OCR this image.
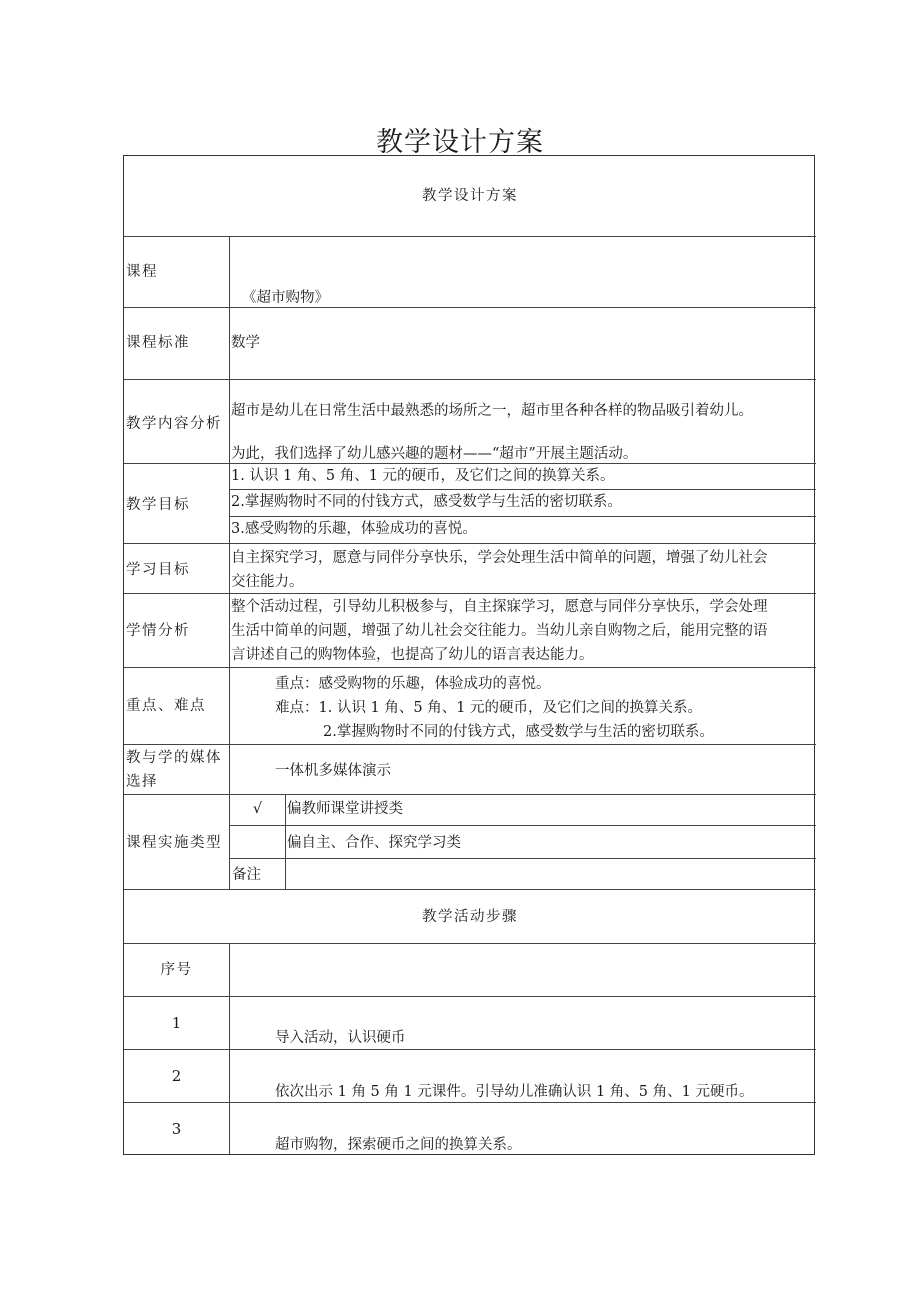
教学设计方案
教学设计方案
课程
《超市购物》
课程标准	数学
教学内容分析
超市是幼儿在日常生活中最熟悉的场所之一，超市里各种各样的物品吸引着幼儿。
为此，我们选择了幼儿感兴趣的题材——“超市”开展主题活动。
教学目标
1. 认识 1 角、5 角、1 元的硬币，及它们之间的换算关系。
2.掌握购物时不同的付钱方式，感受数学与生活的密切联系。
3.感受购物的乐趣，体验成功的喜悦。
学习目标
自主探究学习，愿意与同伴分享快乐，学会处理生活中简单的问题，增强了幼儿社会
交往能力。
学情分析
整个活动过程，引导幼儿积极参与，自主探寐学习，愿意与同伴分享快乐，学会处理
生活中简单的问题，增强了幼儿社会交往能力。当幼儿亲自购物之后，能用完整的语
言讲述自己的购物体验，也提高了幼儿的语言表达能力。
重点、难点
重点：感受购物的乐趣，体验成功的喜悦。
难点：1. 认识 1 角、5 角、1 元的硬币，及它们之间的换算关系。
2.掌握购物时不同的付钱方式，感受数学与生活的密切联系。
教与学的媒体
选择
一体机多媒体演示
课程实施类型
√	偏教师课堂讲授类
偏自主、合作、探究学习类
备注
教学活动步骤
序号
1
导入活动，认识硬币
2
依次出示 1 角 5 角 1 元课件。引导幼儿准确认识 1 角、5 角、1 元硬币。
3
超市购物，探索硬币之间的换算关系。
